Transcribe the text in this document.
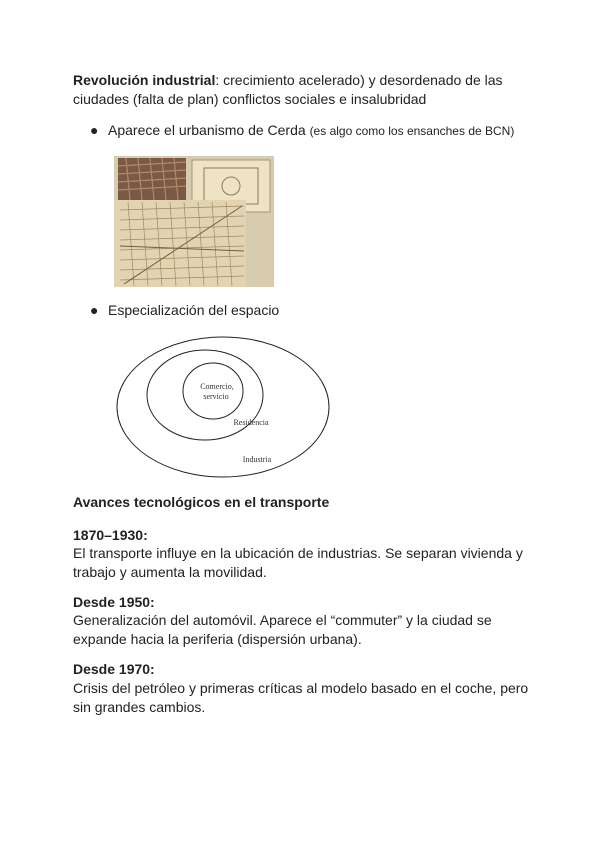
Revolución industrial: crecimiento acelerado) y desordenado de las ciudades (falta de plan) conflictos sociales e insalubridad
● Aparece el urbanismo de Cerda (es algo como los ensanches de BCN)
● Especialización del espacio
Comercio,
servicio
Residencia
Industria
Avances tecnológicos en el transporte
1870–1930:
El transporte influye en la ubicación de industrias. Se separan vivienda y trabajo y aumenta la movilidad.
Desde 1950:
Generalización del automóvil. Aparece el “commuter” y la ciudad se expande hacia la periferia (dispersión urbana).
Desde 1970:
Crisis del petróleo y primeras críticas al modelo basado en el coche, pero sin grandes cambios.
